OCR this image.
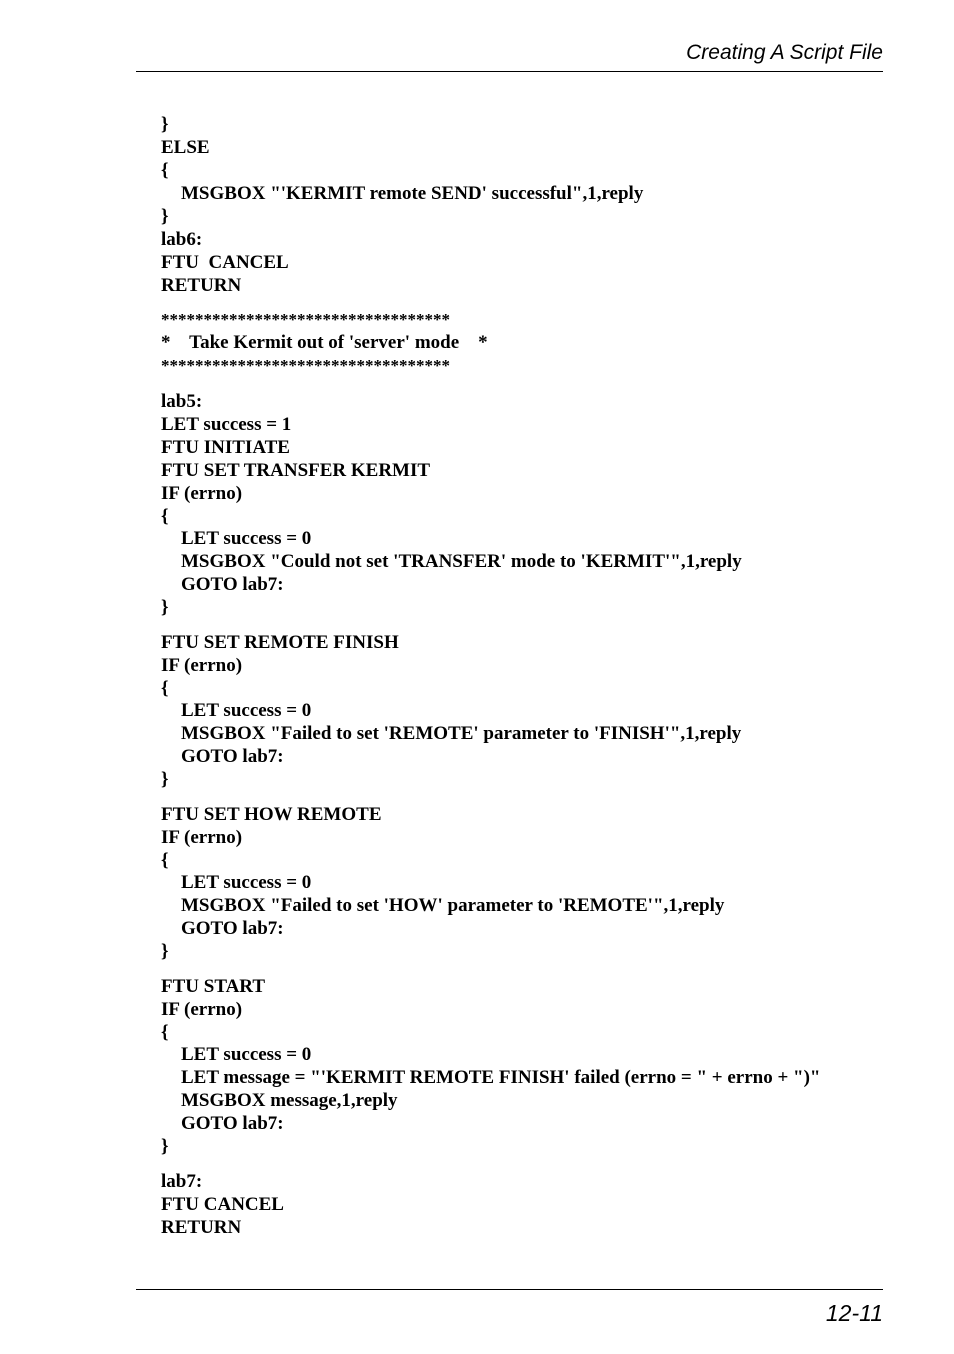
Creating A Script File
}
ELSE
{
MSGBOX "'KERMIT remote SEND' successful",1,reply
}
lab6:
FTU  CANCEL
RETURN
**********************************
*    Take Kermit out of 'server' mode    *
**********************************
lab5:
LET success = 1
FTU INITIATE
FTU SET TRANSFER KERMIT
IF (errno)
{
LET success = 0
MSGBOX "Could not set 'TRANSFER' mode to 'KERMIT'",1,reply
GOTO lab7:
}
FTU SET REMOTE FINISH
IF (errno)
{
LET success = 0
MSGBOX "Failed to set 'REMOTE' parameter to 'FINISH'",1,reply
GOTO lab7:
}
FTU SET HOW REMOTE
IF (errno)
{
LET success = 0
MSGBOX "Failed to set 'HOW' parameter to 'REMOTE'",1,reply
GOTO lab7:
}
FTU START
IF (errno)
{
LET success = 0
LET message = "'KERMIT REMOTE FINISH' failed (errno = " + errno + ")"
MSGBOX message,1,reply
GOTO lab7:
}
lab7:
FTU CANCEL
RETURN
12-11
